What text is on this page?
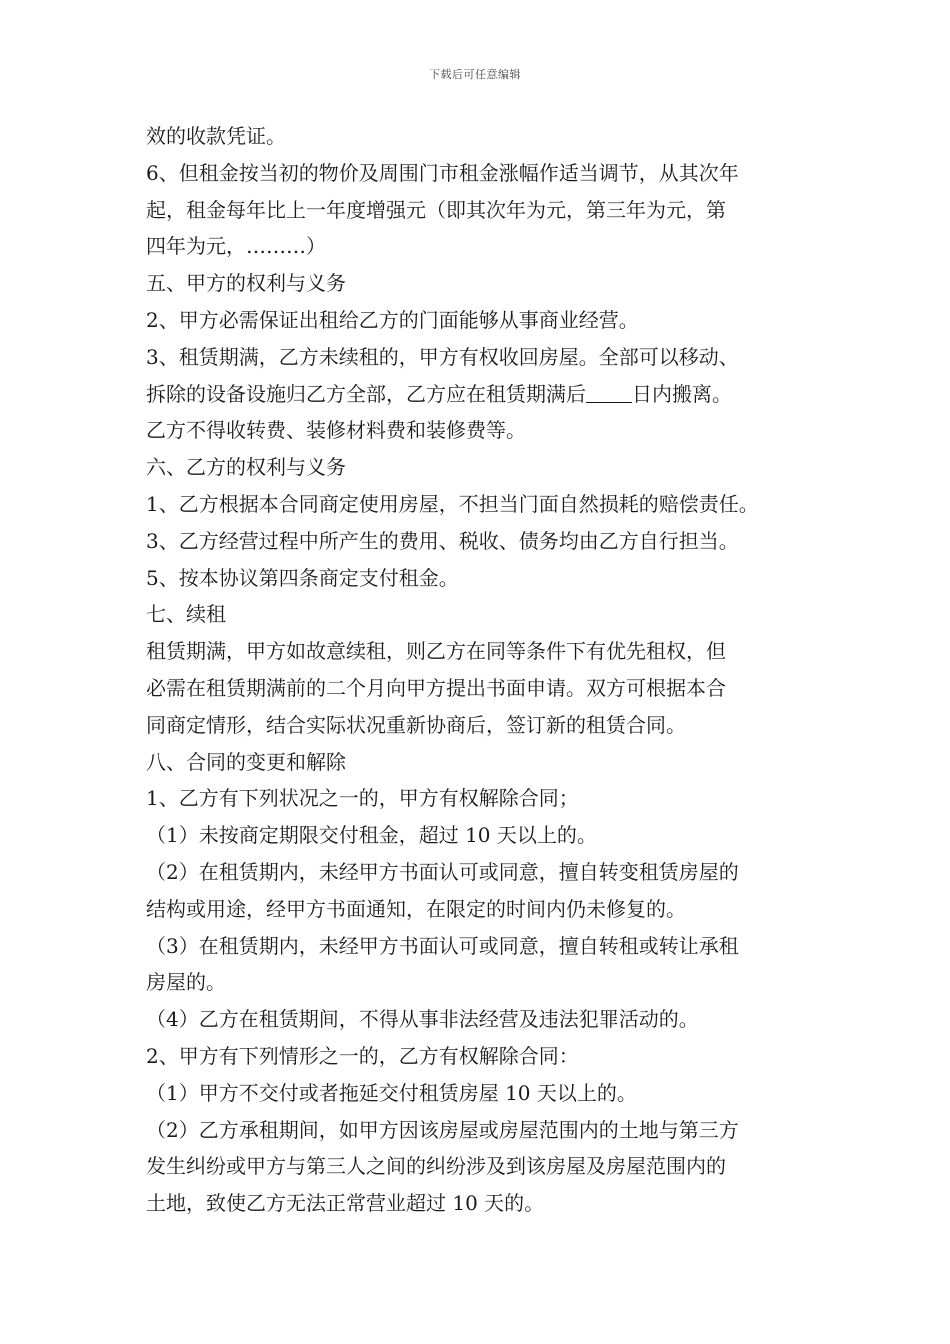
下载后可任意编辑
效的收款凭证。
6、但租金按当初的物价及周围门市租金涨幅作适当调节，从其次年
起，租金每年比上一年度增强元（即其次年为元，第三年为元，第
四年为元，………）
五、甲方的权利与义务
2、甲方必需保证出租给乙方的门面能够从事商业经营。
3、租赁期满，乙方未续租的，甲方有权收回房屋。全部可以移动、
拆除的设备设施归乙方全部，乙方应在租赁期满后 日内搬离。
乙方不得收转费、装修材料费和装修费等。
六、乙方的权利与义务
1、乙方根据本合同商定使用房屋，不担当门面自然损耗的赔偿责任。
3、乙方经营过程中所产生的费用、税收、债务均由乙方自行担当。
5、按本协议第四条商定支付租金。
七、续租
租赁期满，甲方如故意续租，则乙方在同等条件下有优先租权，但
必需在租赁期满前的二个月向甲方提出书面申请。双方可根据本合
同商定情形，结合实际状况重新协商后，签订新的租赁合同。
八、合同的变更和解除
1、乙方有下列状况之一的，甲方有权解除合同；
（1）未按商定期限交付租金，超过 10 天以上的。
（2）在租赁期内，未经甲方书面认可或同意，擅自转变租赁房屋的
结构或用途，经甲方书面通知，在限定的时间内仍未修复的。
（3）在租赁期内，未经甲方书面认可或同意，擅自转租或转让承租
房屋的。
（4）乙方在租赁期间，不得从事非法经营及违法犯罪活动的。
2、甲方有下列情形之一的，乙方有权解除合同：
（1）甲方不交付或者拖延交付租赁房屋 10 天以上的。
（2）乙方承租期间，如甲方因该房屋或房屋范围内的土地与第三方
发生纠纷或甲方与第三人之间的纠纷涉及到该房屋及房屋范围内的
土地，致使乙方无法正常营业超过 10 天的。
